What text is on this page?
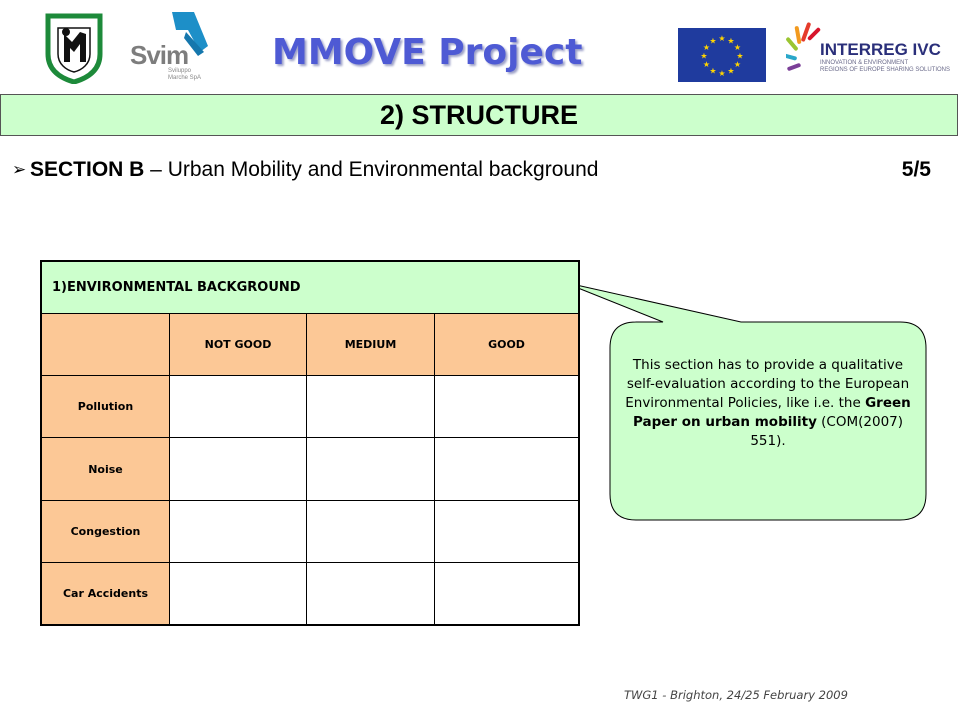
Svim
Sviluppo Marche SpA
MMOVE Project	★ ★
★
★
★
★
★
★
★
★
★
★	INTERREG IVC
INNOVATION & ENVIRONMENT
REGIONS OF EUROPE SHARING SOLUTIONS
2) STRUCTURE
➢ SECTION B – Urban Mobility and Environmental background	5/5
1)ENVIRONMENTAL BACKGROUND			
	NOT GOOD	MEDIUM	GOOD
Pollution			
Noise			
Congestion			
Car Accidents			
This section has to provide a qualitative self-evaluation according to the European Environmental Policies, like i.e. the Green Paper on urban mobility (COM(2007) 551).
TWG1 - Brighton, 24/25 February 2009
